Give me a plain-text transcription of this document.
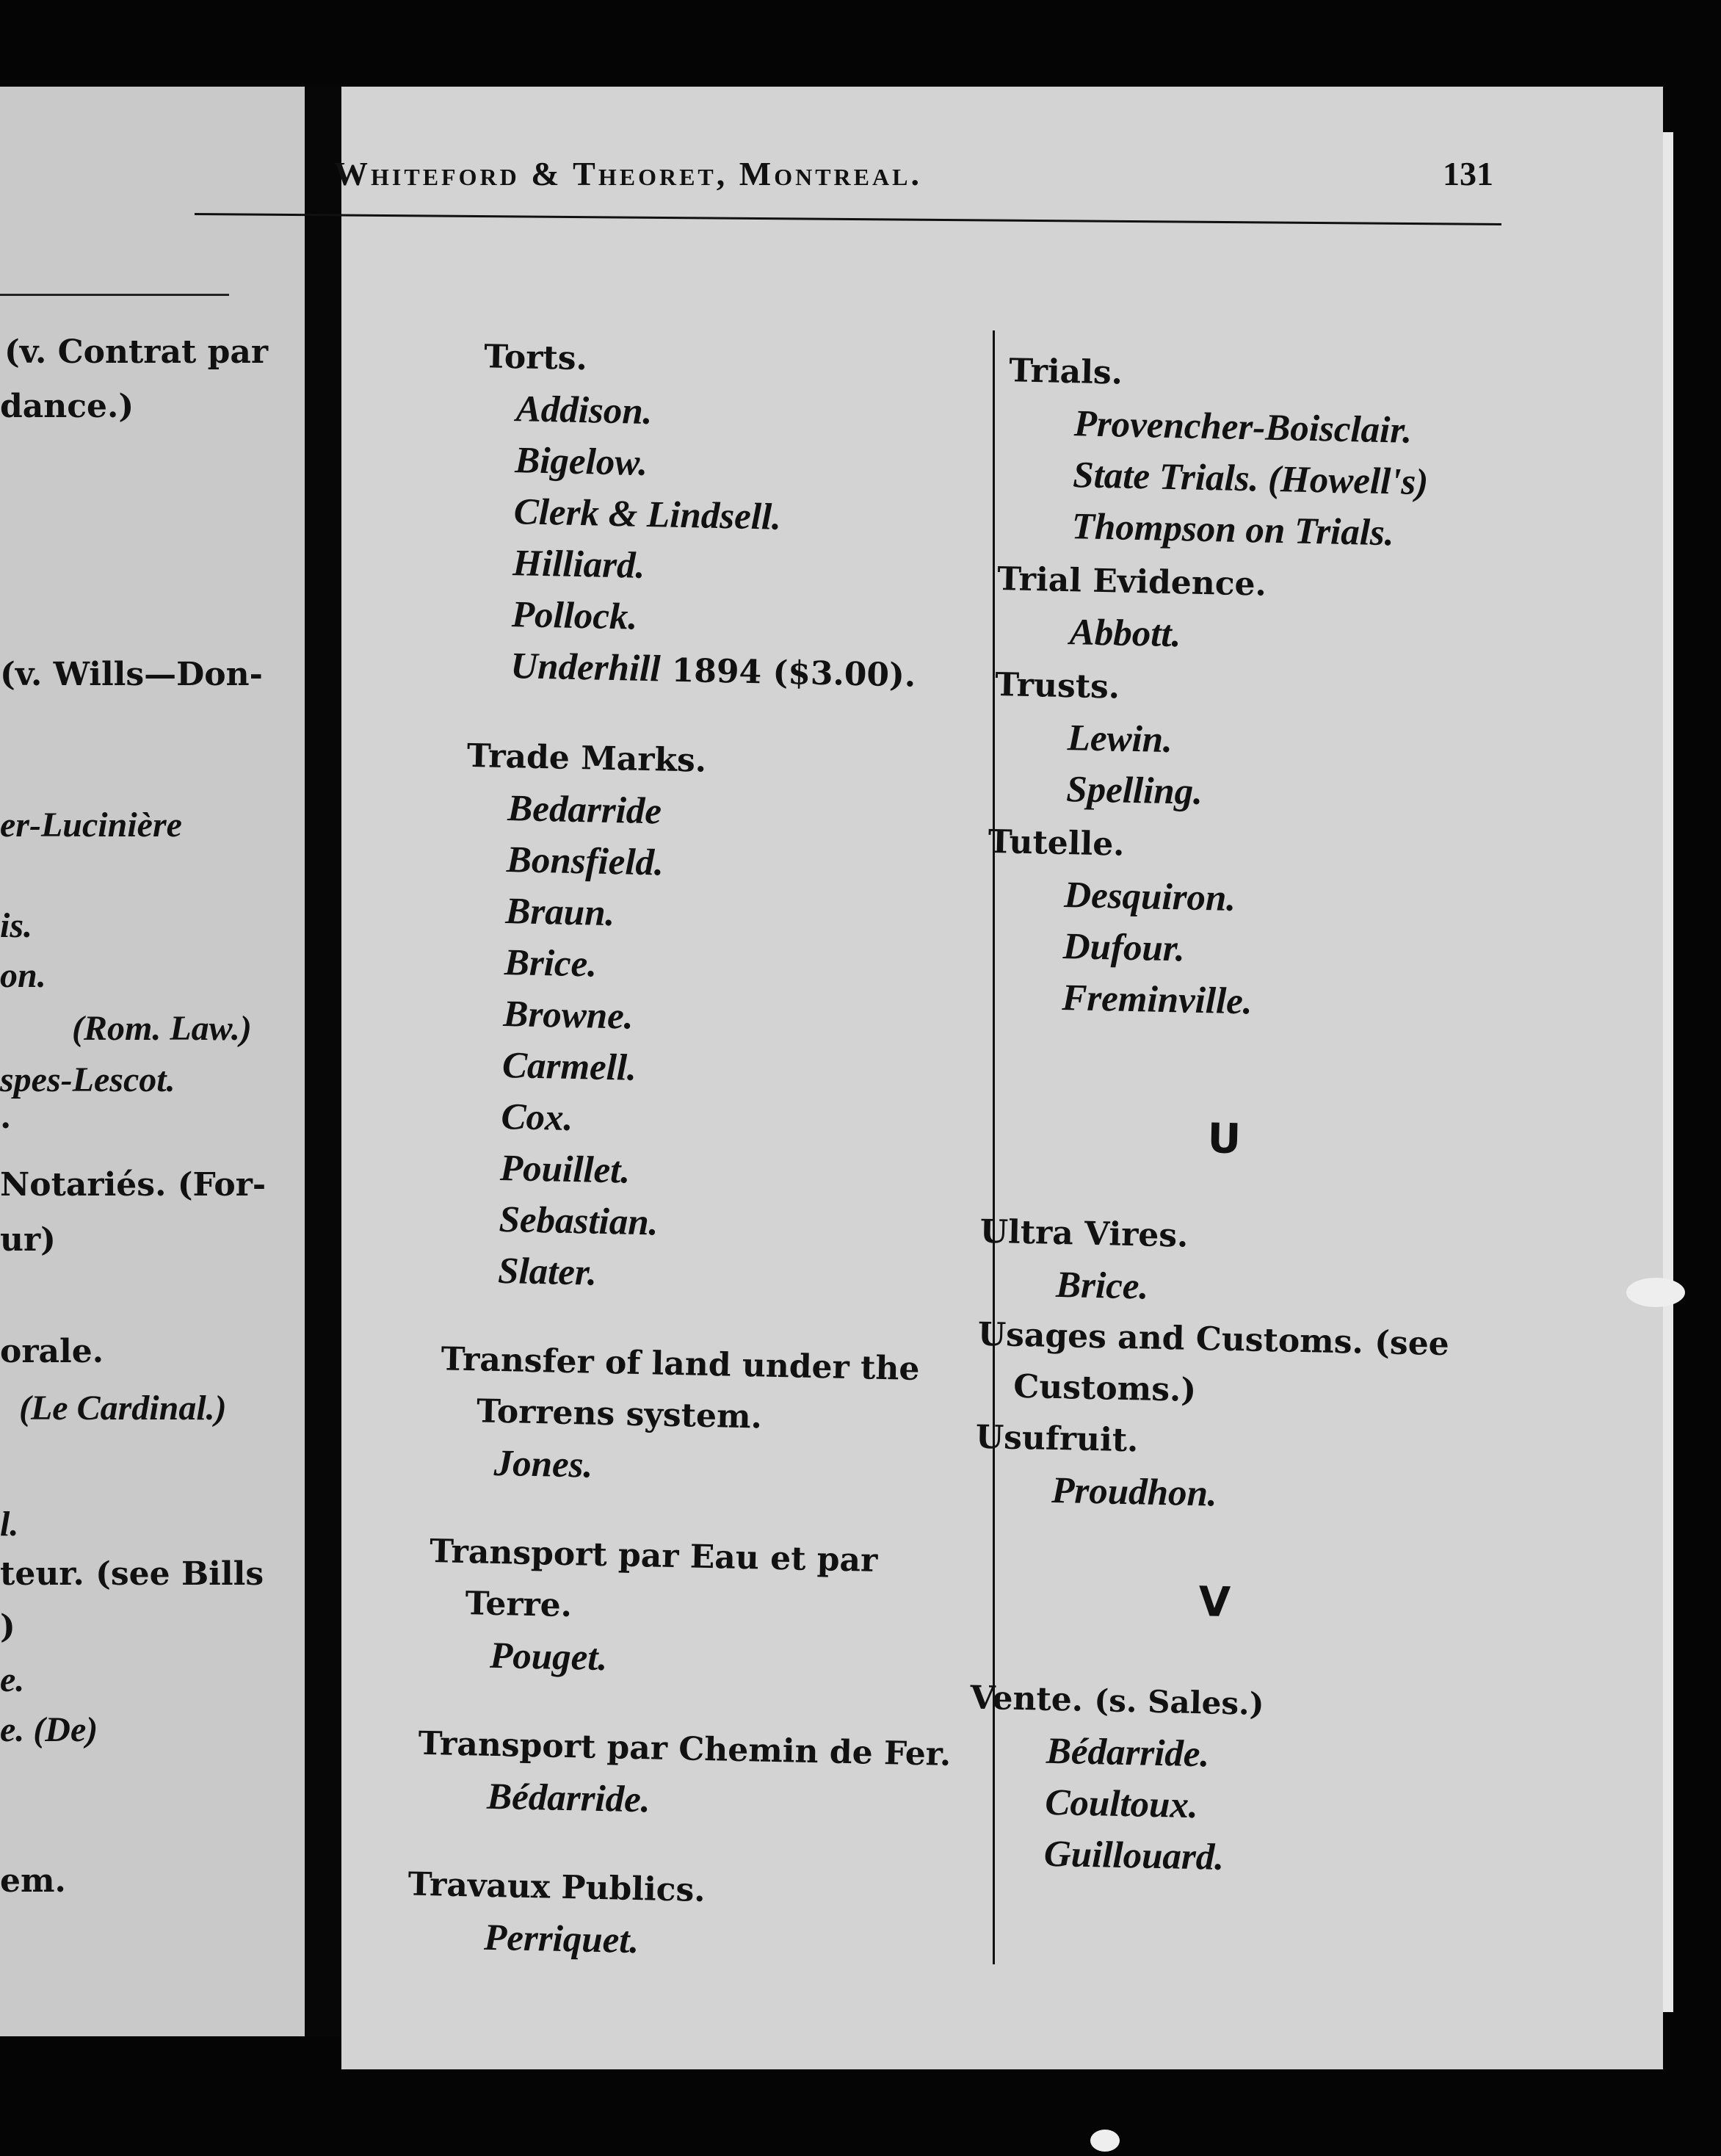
(v. Contrat par
dance.)
(v. Wills—Don-
er-Lucinière
is.
on.
(Rom. Law.)
spes-Lescot.
.
Notariés. (For-
ur)
orale.
(Le Cardinal.)
l.
teur. (see Bills
)
e.
e. (De)
em.
Whiteford & Theoret, Montreal.	131
Torts.
Addison.
Bigelow.
Clerk & Lindsell.
Hilliard.
Pollock.
Underhill 1894 ($3.00).
Trade Marks.
Bedarride
Bonsfield.
Braun.
Brice.
Browne.
Carmell.
Cox.
Pouillet.
Sebastian.
Slater.
Transfer of land under the
Torrens system.
Jones.
Transport par Eau et par
Terre.
Pouget.
Transport par Chemin de Fer.
Bédarride.
Travaux Publics.
Perriquet.
Trials.
Provencher-Boisclair.
State Trials. (Howell's)
Thompson on Trials.
Trial Evidence.
Abbott.
Trusts.
Lewin.
Spelling.
Tutelle.
Desquiron.
Dufour.
Freminville.
U
Ultra Vires.
Brice.
Usages and Customs. (see
Customs.)
Usufruit.
Proudhon.
V
Vente. (s. Sales.)
Bédarride.
Coultoux.
Guillouard.
